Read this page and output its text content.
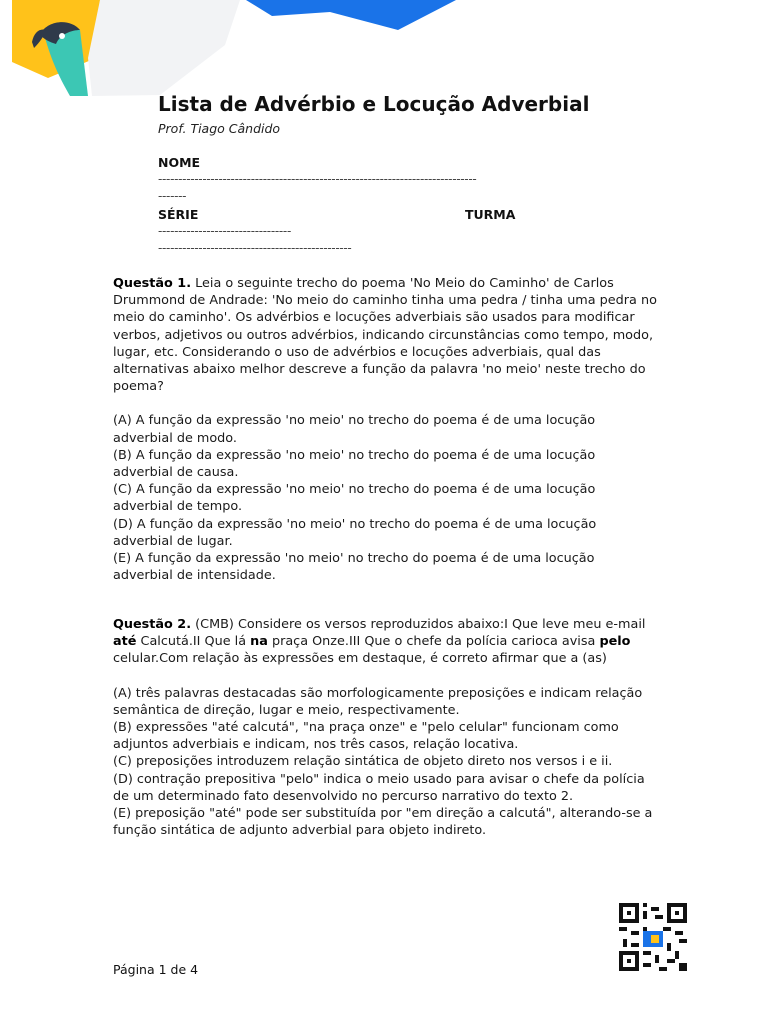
Lista de Advérbio e Locução Adverbial
Prof. Tiago Cândido
NOME
-------------------------------------------------------------------------------
-------
SÉRIE	TURMA
---------------------------------
------------------------------------------------

Questão 1. Leia o seguinte trecho do poema 'No Meio do Caminho' de Carlos Drummond de Andrade: 'No meio do caminho tinha uma pedra / tinha uma pedra no meio do caminho'. Os advérbios e locuções adverbiais são usados para modificar verbos, adjetivos ou outros advérbios, indicando circunstâncias como tempo, modo, lugar, etc. Considerando o uso de advérbios e locuções adverbiais, qual das alternativas abaixo melhor descreve a função da palavra 'no meio' neste trecho do poema?

(A) A função da expressão 'no meio' no trecho do poema é de uma locução adverbial de modo.

(B) A função da expressão 'no meio' no trecho do poema é de uma locução adverbial de causa.

(C) A função da expressão 'no meio' no trecho do poema é de uma locução adverbial de tempo.

(D) A função da expressão 'no meio' no trecho do poema é de uma locução adverbial de lugar.

(E) A função da expressão 'no meio' no trecho do poema é de uma locução adverbial de intensidade.

Questão 2. (CMB) Considere os versos reproduzidos abaixo:I Que leve meu e-mail até Calcutá.II Que lá na praça Onze.III Que o chefe da polícia carioca avisa pelo celular.Com relação às expressões em destaque, é correto afirmar que a (as)

(A) três palavras destacadas são morfologicamente preposições e indicam relação semântica de direção, lugar e meio, respectivamente.

(B) expressões "até calcutá", "na praça onze" e "pelo celular" funcionam como adjuntos adverbiais e indicam, nos três casos, relação locativa.

(C) preposições introduzem relação sintática de objeto direto nos versos i e ii.

(D) contração prepositiva "pelo" indica o meio usado para avisar o chefe da polícia de um determinado fato desenvolvido no percurso narrativo do texto 2.

(E) preposição "até" pode ser substituída por "em direção a calcutá", alterando-se a função sintática de adjunto adverbial para objeto indireto.

Página 1 de 4
